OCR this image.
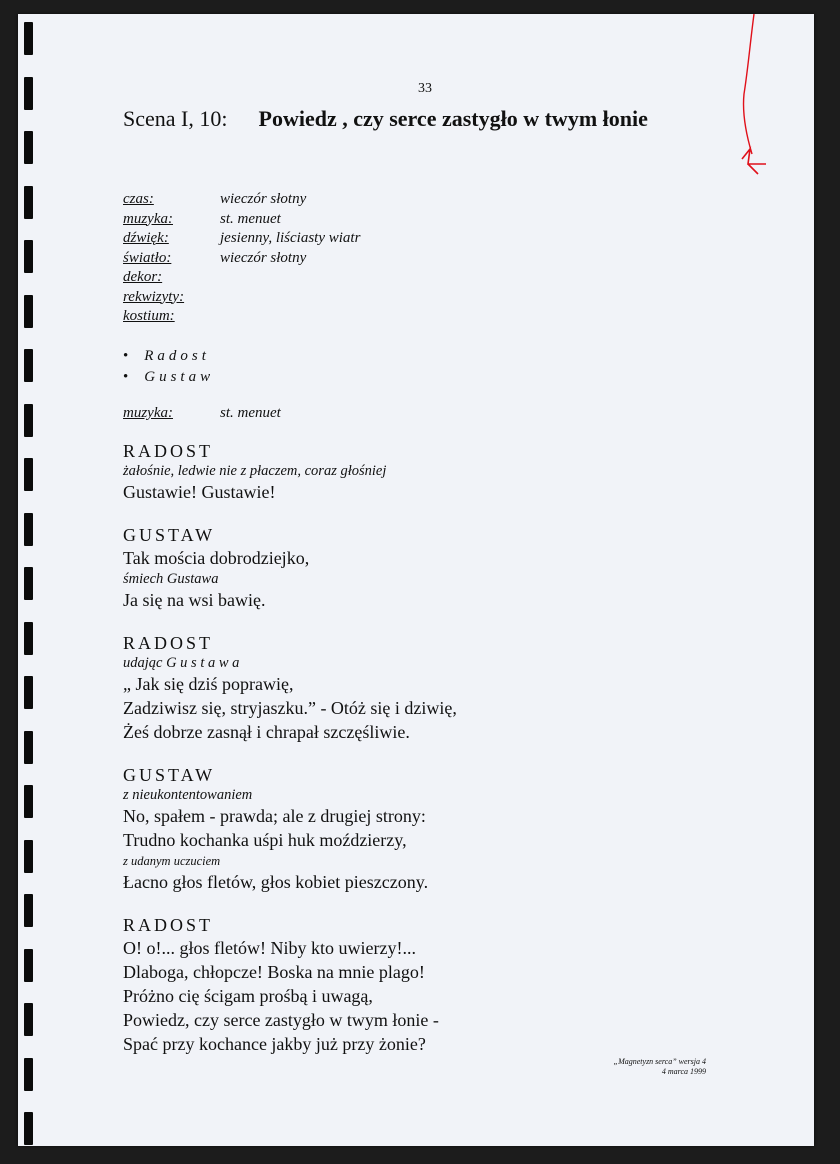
33
Scena I, 10: Powiedz , czy serce zastygło w twym łonie
czas:	wieczór słotny
muzyka:	st. menuet
dźwięk:	jesienny, liściasty wiatr
światło:	wieczór słotny
dekor:
rekwizyty:
kostium:
• Radost
• Gustaw
muzyka:	st. menuet
RADOST
żałośnie, ledwie nie z płaczem, coraz głośniej
Gustawie! Gustawie!
GUSTAW
Tak mościa dobrodziejko,
śmiech Gustawa
Ja się na wsi bawię.
RADOST
udając G u s t a w a
„ Jak się dziś poprawię,
Zadziwisz się, stryjaszku.” - Otóż się i dziwię,
Żeś dobrze zasnął i chrapał szczęśliwie.
GUSTAW
z nieukontentowaniem
No, spałem - prawda; ale z drugiej strony:
Trudno kochanka uśpi huk moździerzy,
z udanym uczuciem
Łacno głos fletów, głos kobiet pieszczony.
RADOST
O! o!... głos fletów! Niby kto uwierzy!...
Dlaboga, chłopcze! Boska na mnie plago!
Próżno cię ścigam prośbą i uwagą,
Powiedz, czy serce zastygło w twym łonie -
Spać przy kochance jakby już przy żonie?
„Magnetyzn serca” wersja 4
4 marca 1999
